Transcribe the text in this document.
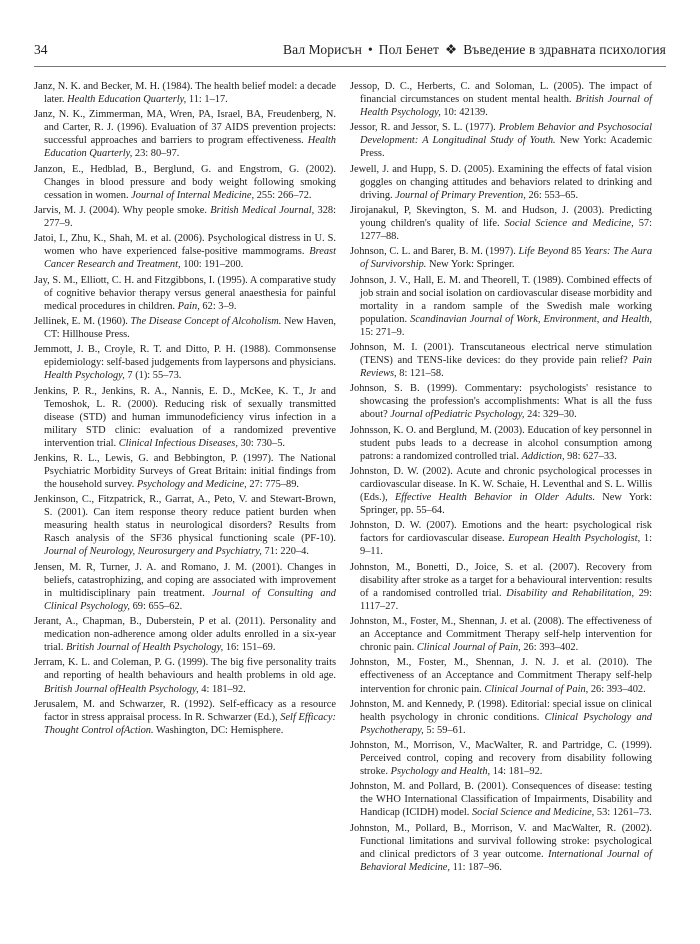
34	Вал Морисън • Пол Бенет ❖ Въведение в здравната психология

Janz, N. K. and Becker, M. H. (1984). The health belief model: a decade later. Health Education Quarterly, 11: 1–17.

Janz, N. K., Zimmerman, MA, Wren, PA, Israel, BA, Freudenberg, N. and Carter, R. J. (1996). Evaluation of 37 AIDS prevention projects: successful approaches and barriers to program effectiveness. Health Education Quarterly, 23: 80–97.

Janzon, E., Hedblad, B., Berglund, G. and Engstrom, G. (2002). Changes in blood pressure and body weight following smoking cessation in women. Journal of Internal Medicine, 255: 266–72.

Jarvis, M. J. (2004). Why people smoke. British Medical Journal, 328: 277–9.

Jatoi, I., Zhu, K., Shah, M. et al. (2006). Psychological distress in U. S. women who have experienced false-positive mammograms. Breast Cancer Research and Treatment, 100: 191–200.

Jay, S. M., Elliott, C. H. and Fitzgibbons, I. (1995). A comparative study of cognitive behavior therapy versus general anaesthesia for painful medical procedures in children. Pain, 62: 3–9.

Jellinek, E. M. (1960). The Disease Concept of Alcoholism. New Haven, CT: Hillhouse Press.

Jemmott, J. B., Croyle, R. T. and Ditto, P. H. (1988). Commonsense epidemiology: self-based judgements from laypersons and physicians. Health Psychology, 7 (1): 55–73.

Jenkins, P. R., Jenkins, R. A., Nannis, E. D., McKee, K. T., Jr and Temoshok, L. R. (2000). Reducing risk of sexually transmitted disease (STD) and human immunodeficiency virus infection in a military STD clinic: evaluation of a randomized preventive intervention trial. Clinical Infectious Diseases, 30: 730–5.

Jenkins, R. L., Lewis, G. and Bebbington, P. (1997). The National Psychiatric Morbidity Surveys of Great Britain: initial findings from the household survey. Psychology and Medicine, 27: 775–89.

Jenkinson, C., Fitzpatrick, R., Garrat, A., Peto, V. and Stewart-Brown, S. (2001). Can item response theory reduce patient burden when measuring health status in neurological disorders? Results from Rasch analysis of the SF36 physical functioning scale (PF-10). Journal of Neurology, Neurosurgery and Psychiatry, 71: 220–4.

Jensen, M. R, Turner, J. A. and Romano, J. M. (2001). Changes in beliefs, catastrophizing, and coping are associated with improvement in multidisciplinary pain treatment. Journal of Consulting and Clinical Psychology, 69: 655–62.

Jerant, A., Chapman, B., Duberstein, P et al. (2011). Personality and medication non-adherence among older adults enrolled in a six-year trial. British Journal of Health Psychology, 16: 151–69.

Jerram, K. L. and Coleman, P. G. (1999). The big five personality traits and reporting of health behaviours and health problems in old age. British Journal ofHealth Psychology, 4: 181–92.

Jerusalem, M. and Schwarzer, R. (1992). Self-efficacy as a resource factor in stress appraisal process. In R. Schwarzer (Ed.), Self Efficacy: Thought Control ofAction. Washington, DC: Hemisphere.

Jessop, D. C., Herberts, C. and Soloman, L. (2005). The impact of financial circumstances on student mental health. British Journal of Health Psychology, 10: 42139.

Jessor, R. and Jessor, S. L. (1977). Problem Behavior and Psychosocial Development: A Longitudinal Study of Youth. New York: Academic Press.

Jewell, J. and Hupp, S. D. (2005). Examining the effects of fatal vision goggles on changing attitudes and behaviors related to drinking and driving. Journal of Primary Prevention, 26: 553–65.

Jirojanakul, P, Skevington, S. M. and Hudson, J. (2003). Predicting young children's quality of life. Social Science and Medicine, 57: 1277–88.

Johnson, C. L. and Barer, B. M. (1997). Life Beyond 85 Years: The Aura of Survivorship. New York: Springer.

Johnson, J. V., Hall, E. M. and Theorell, T. (1989). Combined effects of job strain and social isolation on cardiovascular disease morbidity and mortality in a random sample of the Swedish male working population. Scandinavian Journal of Work, Environment, and Health, 15: 271–9.

Johnson, M. I. (2001). Transcutaneous electrical nerve stimulation (TENS) and TENS-like devices: do they provide pain relief? Pain Reviews, 8: 121–58.

Johnson, S. B. (1999). Commentary: psychologists' resistance to showcasing the profession's accomplishments: What is all the fuss about? Journal ofPediatric Psychology, 24: 329–30.

Johnsson, K. O. and Berglund, M. (2003). Education of key personnel in student pubs leads to a decrease in alcohol consumption among patrons: a randomized controlled trial. Addiction, 98: 627–33.

Johnston, D. W. (2002). Acute and chronic psychological processes in cardiovascular disease. In K. W. Schaie, H. Leventhal and S. L. Willis (Eds.), Effective Health Behavior in Older Adults. New York: Springer, pp. 55–64.

Johnston, D. W. (2007). Emotions and the heart: psychological risk factors for cardiovascular disease. European Health Psychologist, 1: 9–11.

Johnston, M., Bonetti, D., Joice, S. et al. (2007). Recovery from disability after stroke as a target for a behavioural intervention: results of a randomised controlled trial. Disability and Rehabilitation, 29: 1117–27.

Johnston, M., Foster, M., Shennan, J. et al. (2008). The effectiveness of an Acceptance and Commitment Therapy self-help intervention for chronic pain. Clinical Journal of Pain, 26: 393–402.

Johnston, M., Foster, M., Shennan, J. N. J. et al. (2010). The effectiveness of an Acceptance and Commitment Therapy self-help intervention for chronic pain. Clinical Journal of Pain, 26: 393–402.

Johnston, M. and Kennedy, P. (1998). Editorial: special issue on clinical health psychology in chronic conditions. Clinical Psychology and Psychotherapy, 5: 59–61.

Johnston, M., Morrison, V., MacWalter, R. and Partridge, C. (1999). Perceived control, coping and recovery from disability following stroke. Psychology and Health, 14: 181–92.

Johnston, M. and Pollard, B. (2001). Consequences of disease: testing the WHO International Classification of Impairments, Disability and Handicap (ICIDH) model. Social Science and Medicine, 53: 1261–73.

Johnston, M., Pollard, B., Morrison, V. and MacWalter, R. (2002). Functional limitations and survival following stroke: psychological and clinical predictors of 3 year outcome. International Journal of Behavioral Medicine, 11: 187–96.
